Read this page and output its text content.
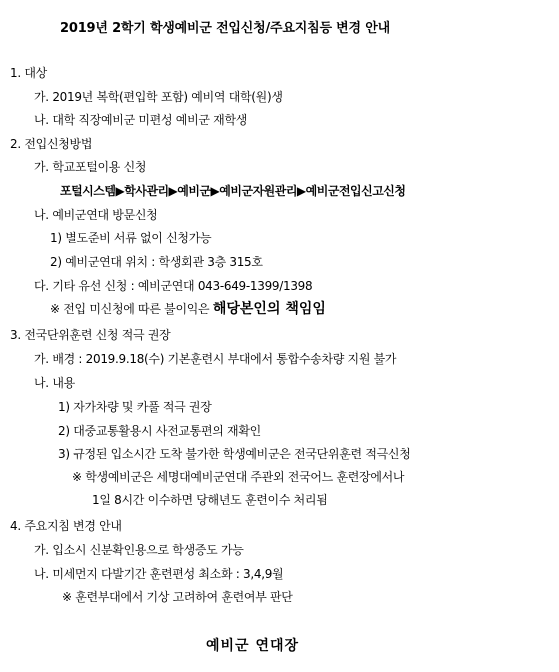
2019년 2학기 학생예비군 전입신청/주요지침등 변경 안내
1. 대상
가. 2019년 복학(편입학 포함) 예비역 대학(원)생
나. 대학 직장예비군 미편성 예비군 재학생
2. 전입신청방법
가. 학교포털이용 신청
포털시스템▶학사관리▶예비군▶예비군자원관리▶예비군전입신고신청
나. 예비군연대 방문신청
1) 별도준비 서류 없이 신청가능
2) 예비군연대 위치 : 학생회관 3층 315호
다. 기타 유선 신청 : 예비군연대 043-649-1399/1398
※ 전입 미신청에 따른 불이익은 해당본인의 책임임
3. 전국단위훈련 신청 적극 권장
가. 배경 : 2019.9.18(수) 기본훈련시 부대에서 통합수송차량 지원 불가
나. 내용
1) 자가차량 및 카풀 적극 권장
2) 대중교통활용시 사전교통편의 재확인
3) 규정된 입소시간 도착 불가한 학생예비군은 전국단위훈련 적극신청
※ 학생예비군은 세명대예비군연대 주관외 전국어느 훈련장에서나
1일 8시간 이수하면 당해년도 훈련이수 처리됨
4. 주요지침 변경 안내
가. 입소시 신분확인용으로 학생증도 가능
나. 미세먼지 다발기간 훈련편성 최소화 : 3,4,9월
※ 훈련부대에서 기상 고려하여 훈련여부 판단
예비군 연대장
